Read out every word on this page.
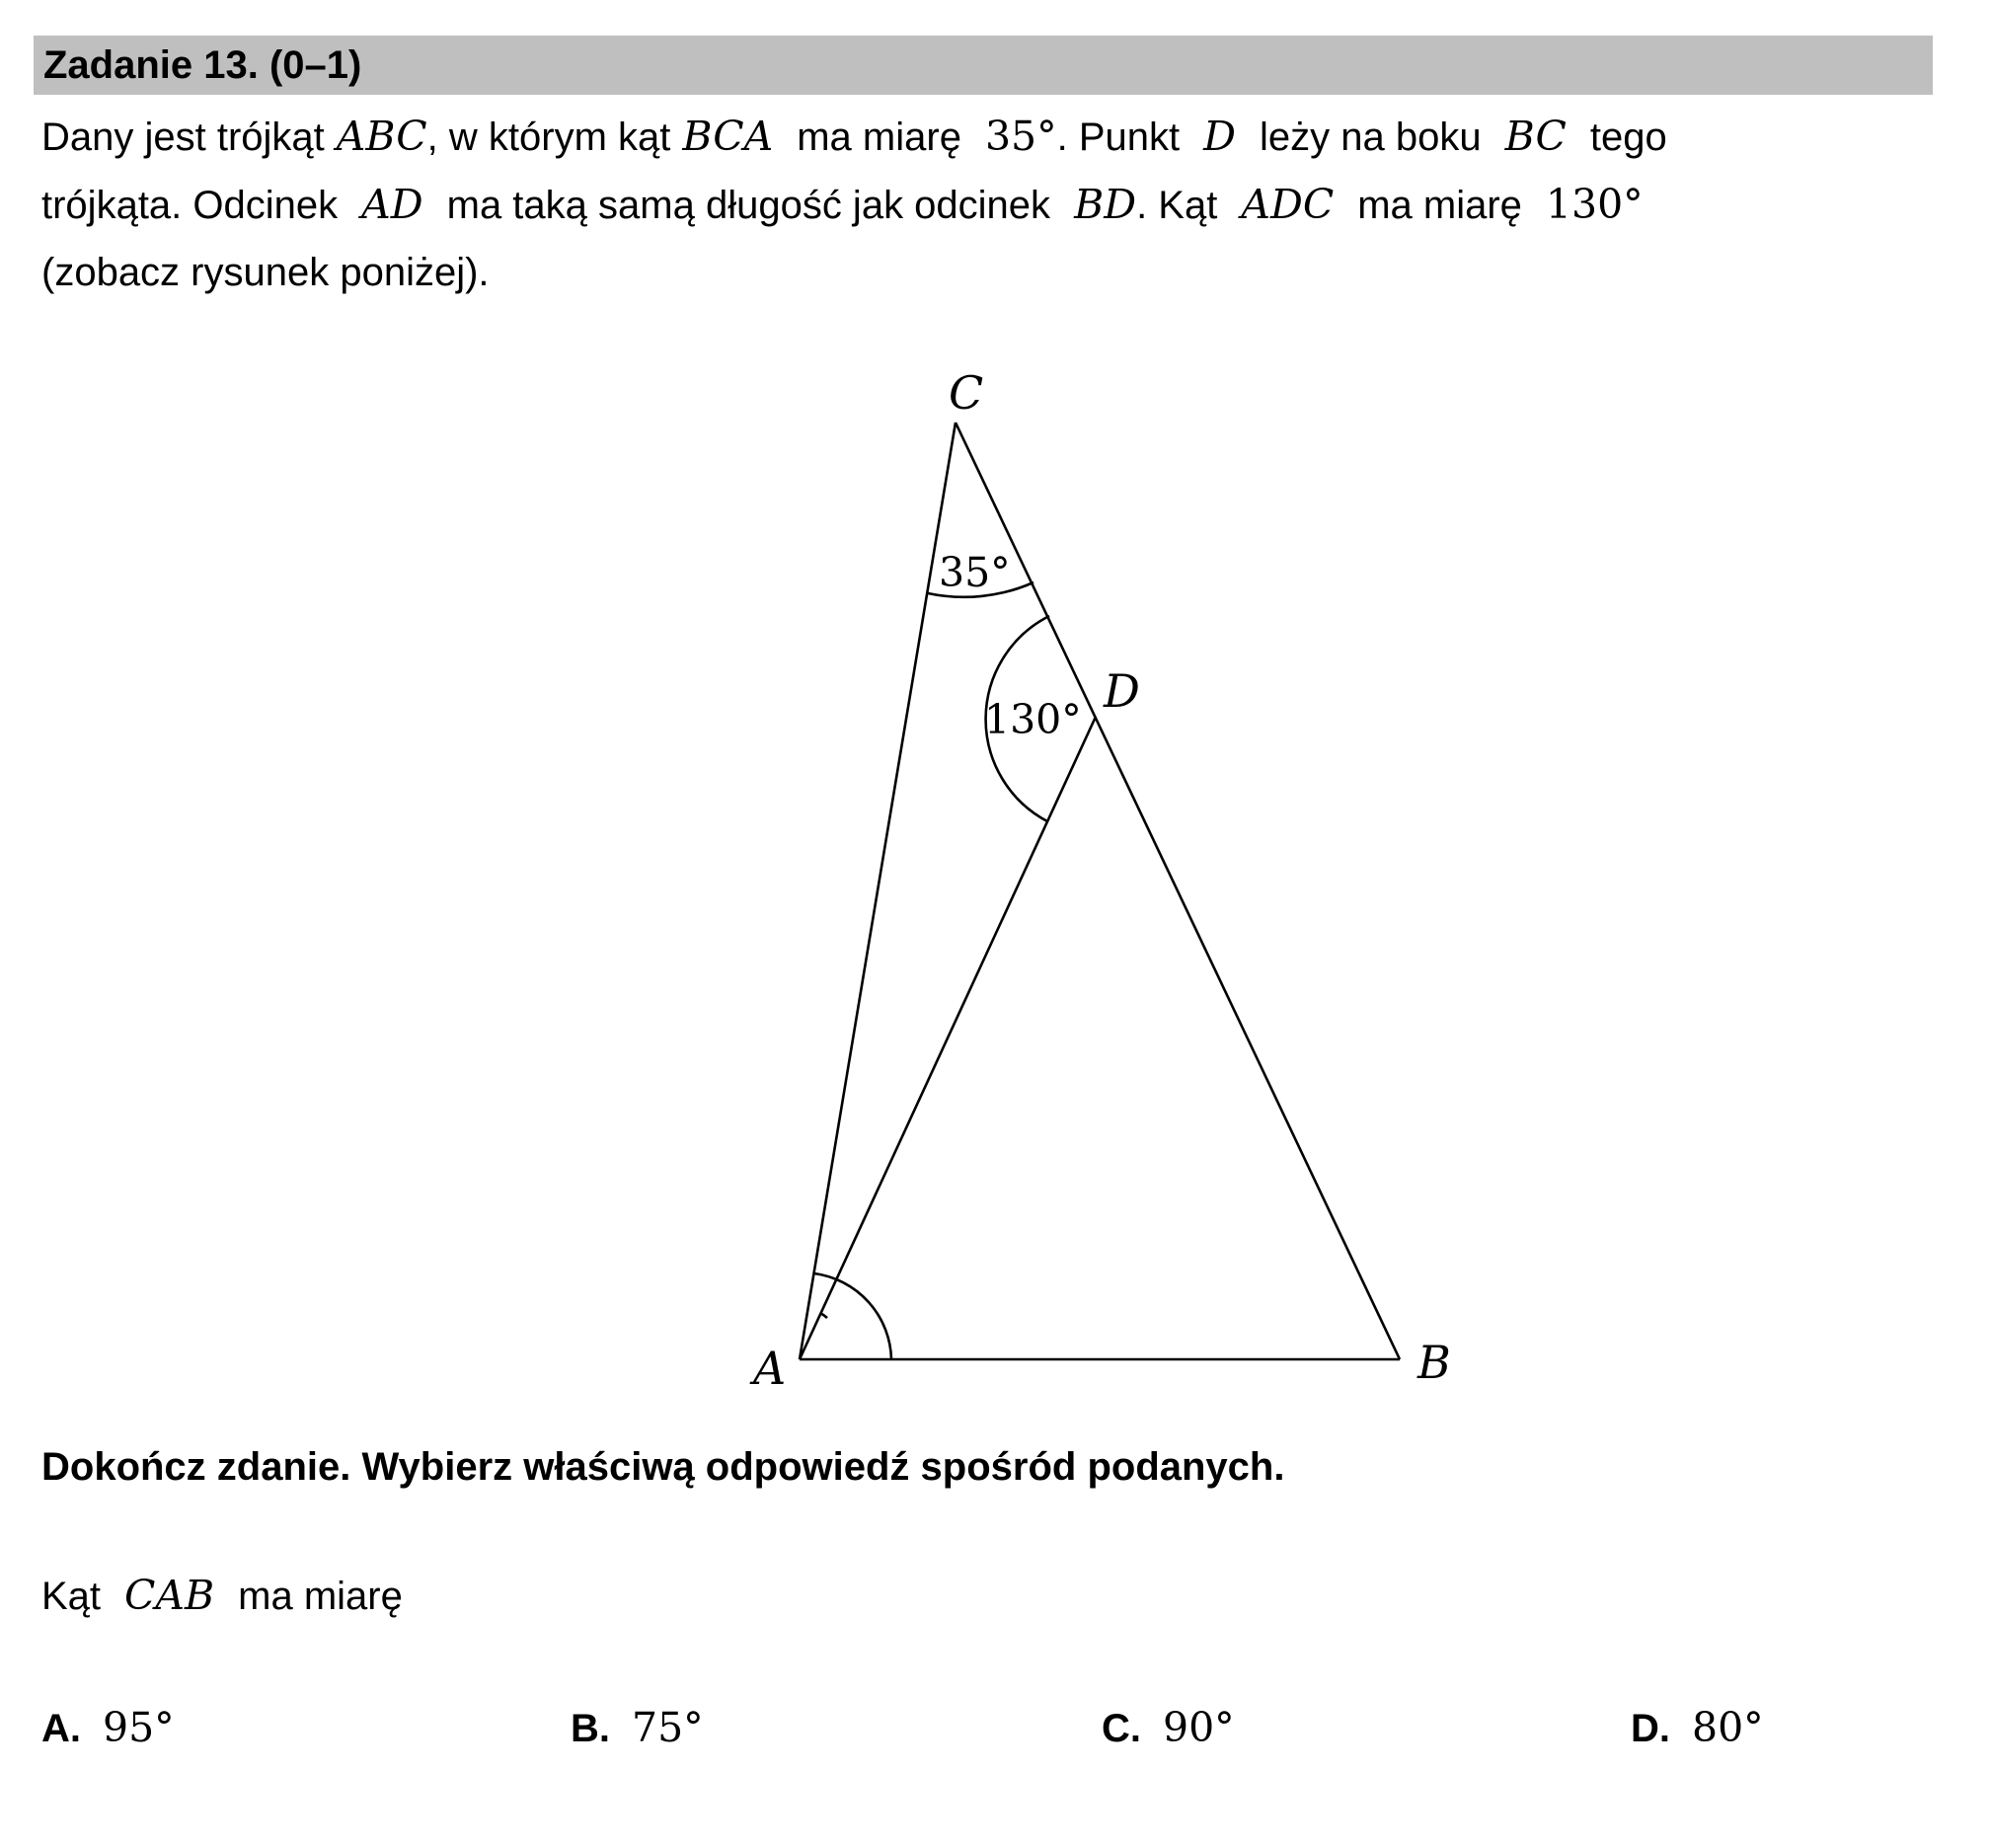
Zadanie 13. (0–1)
Dany jest trójkąt ABC, w którym kąt BCA ma miarę 35°. Punkt D leży na boku BC tego
trójkąta. Odcinek AD ma taką samą długość jak odcinek BD. Kąt ADC ma miarę 130°
(zobacz rysunek poniżej).
C
D
A	B
35°
130°
Dokończ zdanie. Wybierz właściwą odpowiedź spośród podanych.
Kąt CAB ma miarę
A. 95°	B. 75°	C. 90°	D. 80°
